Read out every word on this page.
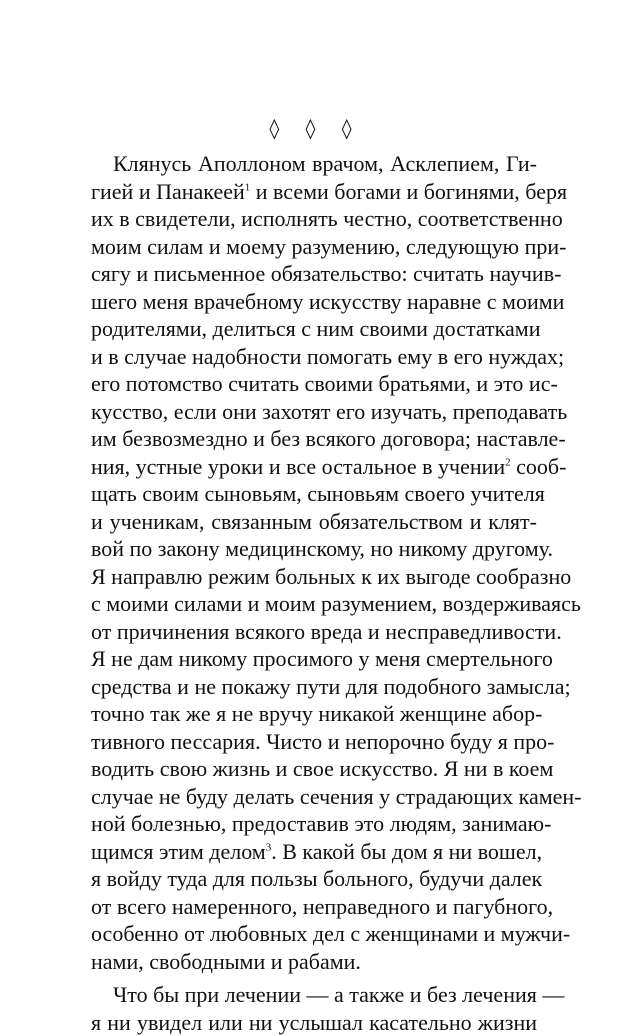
◊ ◊ ◊
Клянусь Аполлоном врачом, Асклепием, Ги-
гией и Панакеей$^1$ и всеми богами и богинями, беря
их в свидетели, исполнять честно, соответственно
моим силам и моему разумению, следующую при-
сягу и письменное обязательство: считать научив-
шего меня врачебному искусству наравне с моими
родителями, делиться с ним своими достатками
и в случае надобности помогать ему в его нуждах;
его потомство считать своими братьями, и это ис-
кусство, если они захотят его изучать, преподавать
им безвозмездно и без всякого договора; наставле-
ния, устные уроки и все остальное в учении$^2$ сооб-
щать своим сыновьям, сыновьям своего учителя
и ученикам, связанным обязательством и клят-
вой по закону медицинскому, но никому другому.
Я направлю режим больных к их выгоде сообразно
с моими силами и моим разумением, воздерживаясь
от причинения всякого вреда и несправедливости.
Я не дам никому просимого у меня смертельного
средства и не покажу пути для подобного замысла;
точно так же я не вручу никакой женщине абор-
тивного пессария. Чисто и непорочно буду я про-
водить свою жизнь и свое искусство. Я ни в коем
случае не буду делать сечения у страдающих камен-
ной болезнью, предоставив это людям, занимаю-
щимся этим делом$^3$. В какой бы дом я ни вошел,
я войду туда для пользы больного, будучи далек
от всего намеренного, неправедного и пагубного,
особенно от любовных дел с женщинами и мужчи-
нами, свободными и рабами.
Что бы при лечении — а также и без лечения —
я ни увидел или ни услышал касательно жизни
